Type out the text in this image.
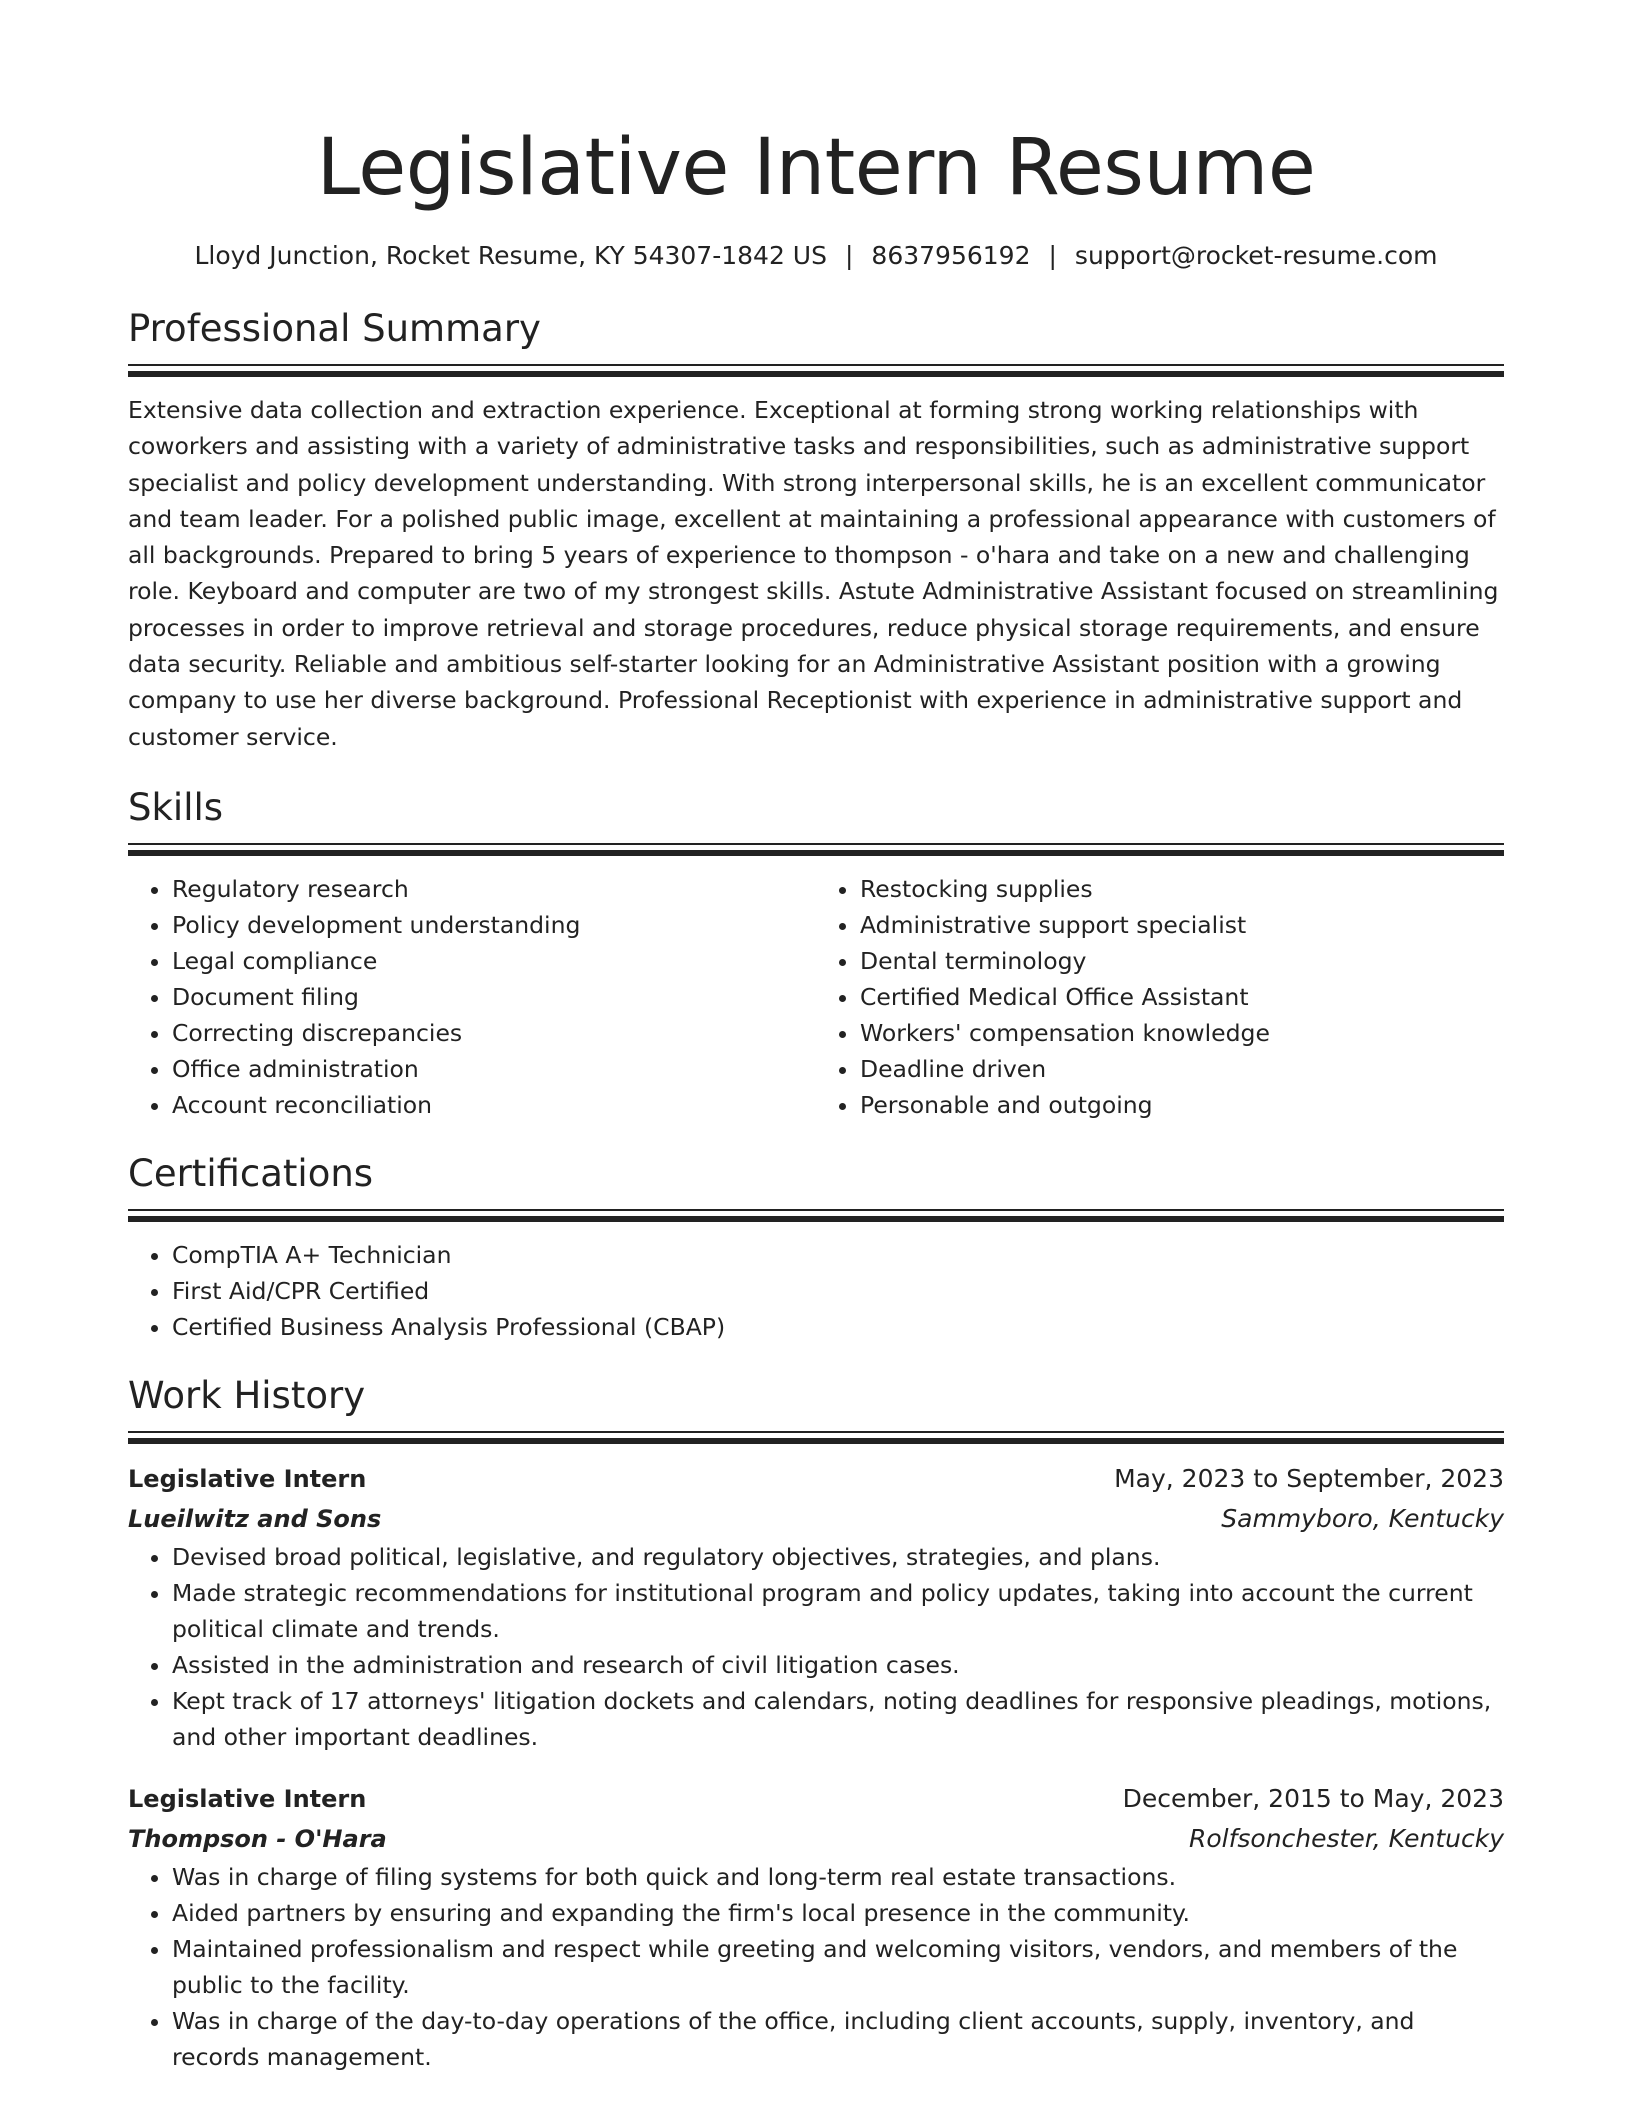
Legislative Intern Resume
Lloyd Junction, Rocket Resume, KY 54307-1842 US | 8637956192 | support@rocket-resume.com
Professional Summary

Extensive data collection and extraction experience. Exceptional at forming strong working relationships with coworkers and assisting with a variety of administrative tasks and responsibilities, such as administrative support specialist and policy development understanding. With strong interpersonal skills, he is an excellent communicator and team leader. For a polished public image, excellent at maintaining a professional appearance with customers of all backgrounds. Prepared to bring 5 years of experience to thompson - o'hara and take on a new and challenging role. Keyboard and computer are two of my strongest skills. Astute Administrative Assistant focused on streamlining processes in order to improve retrieval and storage procedures, reduce physical storage requirements, and ensure data security. Reliable and ambitious self-starter looking for an Administrative Assistant position with a growing company to use her diverse background. Professional Receptionist with experience in administrative support and customer service.

Skills
• Regulatory research
• Policy development understanding
• Legal compliance
• Document filing
• Correcting discrepancies
• Office administration
• Account reconciliation
• Restocking supplies
• Administrative support specialist
• Dental terminology
• Certified Medical Office Assistant
• Workers' compensation knowledge
• Deadline driven
• Personable and outgoing
Certifications
• CompTIA A+ Technician
• First Aid/CPR Certified
• Certified Business Analysis Professional (CBAP)
Work History
Legislative Intern	May, 2023 to September, 2023
Lueilwitz and Sons	Sammyboro, Kentucky
• Devised broad political, legislative, and regulatory objectives, strategies, and plans.
• Made strategic recommendations for institutional program and policy updates, taking into account the current political climate and trends.
• Assisted in the administration and research of civil litigation cases.
• Kept track of 17 attorneys' litigation dockets and calendars, noting deadlines for responsive pleadings, motions, and other important deadlines.
Legislative Intern	December, 2015 to May, 2023
Thompson - O'Hara	Rolfsonchester, Kentucky
• Was in charge of filing systems for both quick and long-term real estate transactions.
• Aided partners by ensuring and expanding the firm's local presence in the community.
• Maintained professionalism and respect while greeting and welcoming visitors, vendors, and members of the public to the facility.
• Was in charge of the day-to-day operations of the office, including client accounts, supply, inventory, and records management.
